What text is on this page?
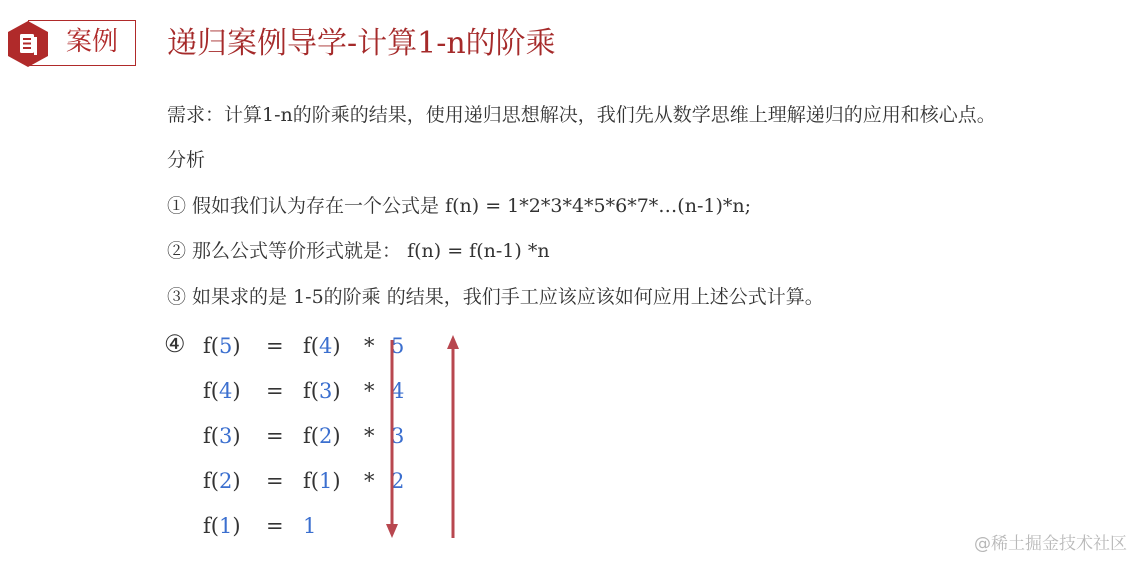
案例 递归案例导学-计算1-n的阶乘
需求：计算1-n的阶乘的结果，使用递归思想解决，我们先从数学思维上理解递归的应用和核心点。
分析
① 假如我们认为存在一个公式是 f(n) = 1*2*3*4*5*6*7*…(n-1)*n;
② 那么公式等价形式就是： f(n) = f(n-1) *n
③ 如果求的是 1-5的阶乘 的结果，我们手工应该应该如何应用上述公式计算。
④ f(5) = f(4) * 5
f(4) = f(3) * 4
f(3) = f(2) * 3
f(2) = f(1) * 2
f(1) = 1
@稀土掘金技术社区
